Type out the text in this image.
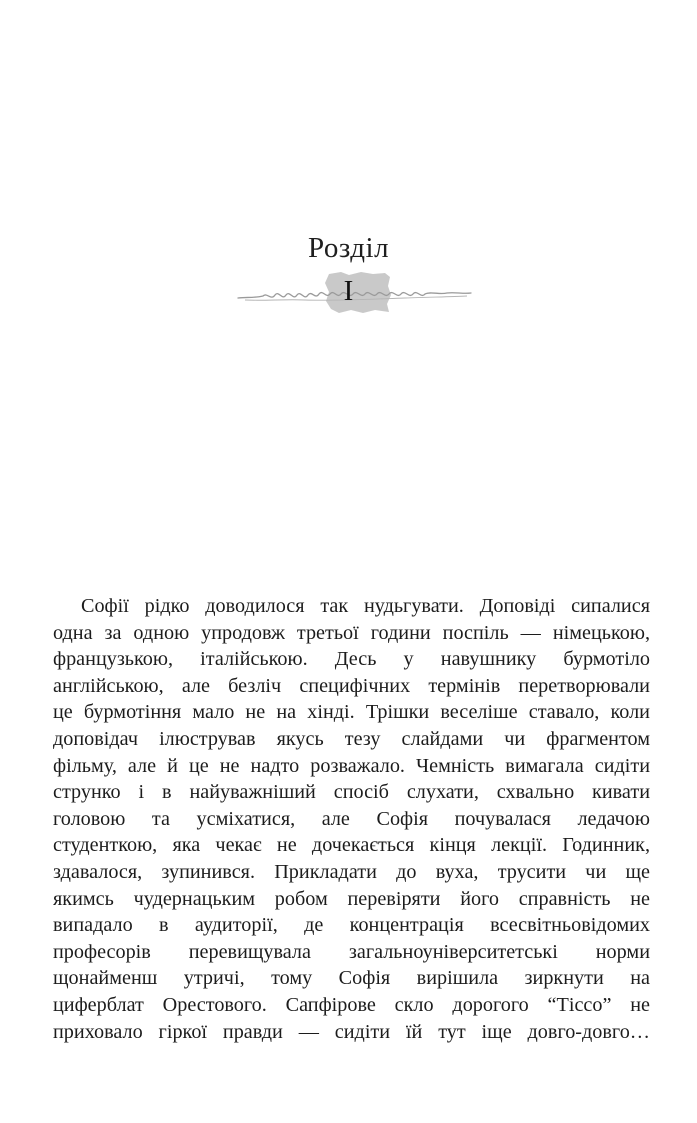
Розділ
I
Софії рідко доводилося так нудьгувати. Доповіді сипалися
одна за одною упродовж третьої години поспіль — німецькою,
французькою, італійською. Десь у навушнику бурмотіло
англійською, але безліч специфічних термінів перетворювали
це бурмотіння мало не на хінді. Трішки веселіше ставало, коли
доповідач ілюстрував якусь тезу слайдами чи фрагментом
фільму, але й це не надто розважало. Чемність вимагала сидіти
струнко і в найуважніший спосіб слухати, схвально кивати
головою та усміхатися, але Софія почувалася ледачою
студенткою, яка чекає не дочекається кінця лекції. Годинник,
здавалося, зупинився. Прикладати до вуха, трусити чи ще
якимсь чудернацьким робом перевіряти його справність не
випадало в аудиторії, де концентрація всесвітньовідомих
професорів перевищувала загальноуніверситетські норми
щонайменш утричі, тому Софія вирішила зиркнути на
циферблат Орестового. Сапфірове скло дорогого “Тіссо” не
приховало гіркої правди — сидіти їй тут іще довго-довго…
